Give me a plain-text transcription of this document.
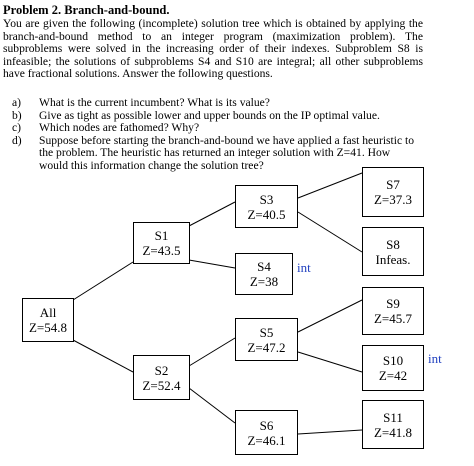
Problem 2. Branch-and-bound.
You are given the following (incomplete) solution tree which is obtained by applying the branch-and-bound method to an integer program (maximization problem). The subproblems were solved in the increasing order of their indexes. Subproblem S8 is infeasible; the solutions of subproblems S4 and S10 are integral; all other subproblems have fractional solutions. Answer the following questions.
a) What is the current incumbent? What is its value?
b) Give as tight as possible lower and upper bounds on the IP optimal value.
c) Which nodes are fathomed? Why?
d) Suppose before starting the branch-and-bound we have applied a fast heuristic to the problem. The heuristic has returned an integer solution with Z=41. How would this information change the solution tree?
All
Z=54.8
S1
Z=43.5
S2
Z=52.4
S3
Z=40.5
S4
Z=38
int
S5
Z=47.2
S6
Z=46.1
S7
Z=37.3
S8
Infeas.
S9
Z=45.7
S10
Z=42
int
S11
Z=41.8
